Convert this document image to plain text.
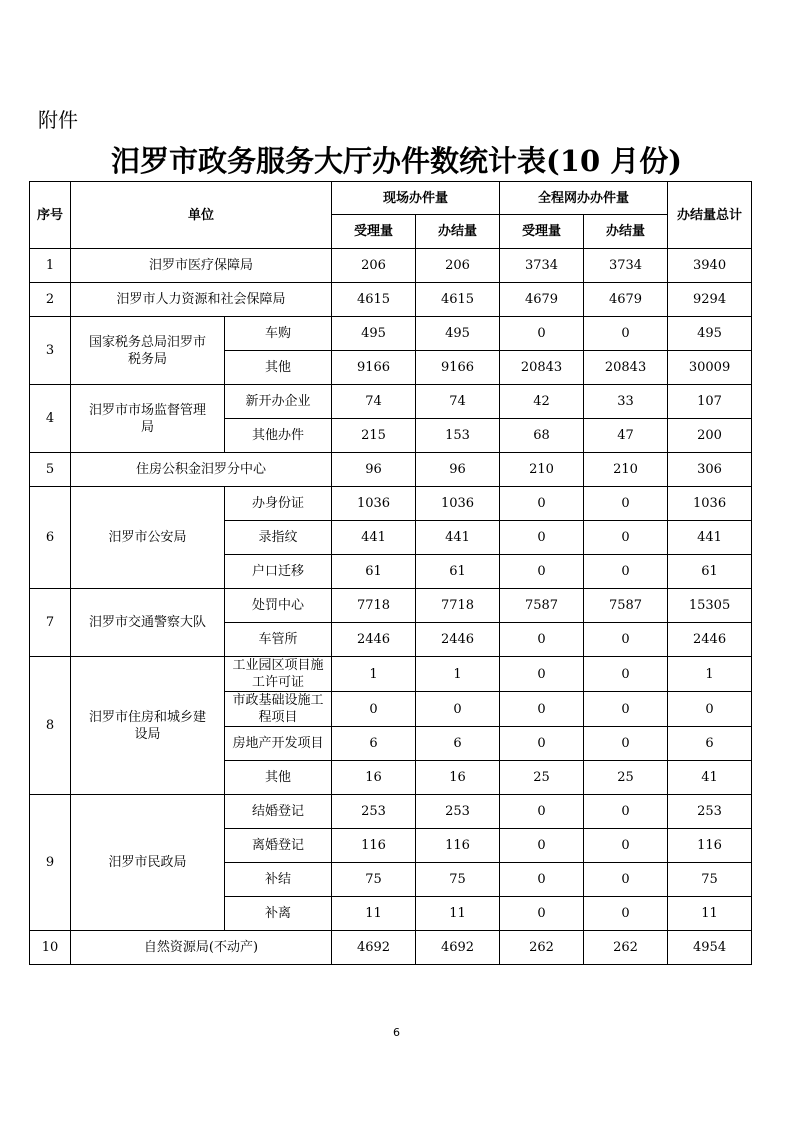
附件
汨罗市政务服务大厅办件数统计表(10 月份)
序号	单位		现场办件量		全程网办办件量		办结量总计
			受理量	办结量	受理量	办结量	
1	汨罗市医疗保障局		206	206	3734	3734	3940
2	汨罗市人力资源和社会保障局		4615	4615	4679	4679	9294
3	国家税务总局汨罗市税务局	车购	495	495	0	0	495
		其他	9166	9166	20843	20843	30009
4	汨罗市市场监督管理局	新开办企业	74	74	42	33	107
		其他办件	215	153	68	47	200
5	住房公积金汨罗分中心		96	96	210	210	306
6	汨罗市公安局	办身份证	1036	1036	0	0	1036
		录指纹	441	441	0	0	441
		户口迁移	61	61	0	0	61
7	汨罗市交通警察大队	处罚中心	7718	7718	7587	7587	15305
		车管所	2446	2446	0	0	2446
8	汨罗市住房和城乡建设局	工业园区项目施工许可证	1	1	0	0	1
		市政基础设施工程项目	0	0	0	0	0
		房地产开发项目	6	6	0	0	6
		其他	16	16	25	25	41
9	汨罗市民政局	结婚登记	253	253	0	0	253
		离婚登记	116	116	0	0	116
		补结	75	75	0	0	75
		补离	11	11	0	0	11
10	自然资源局(不动产)		4692	4692	262	262	4954
6
